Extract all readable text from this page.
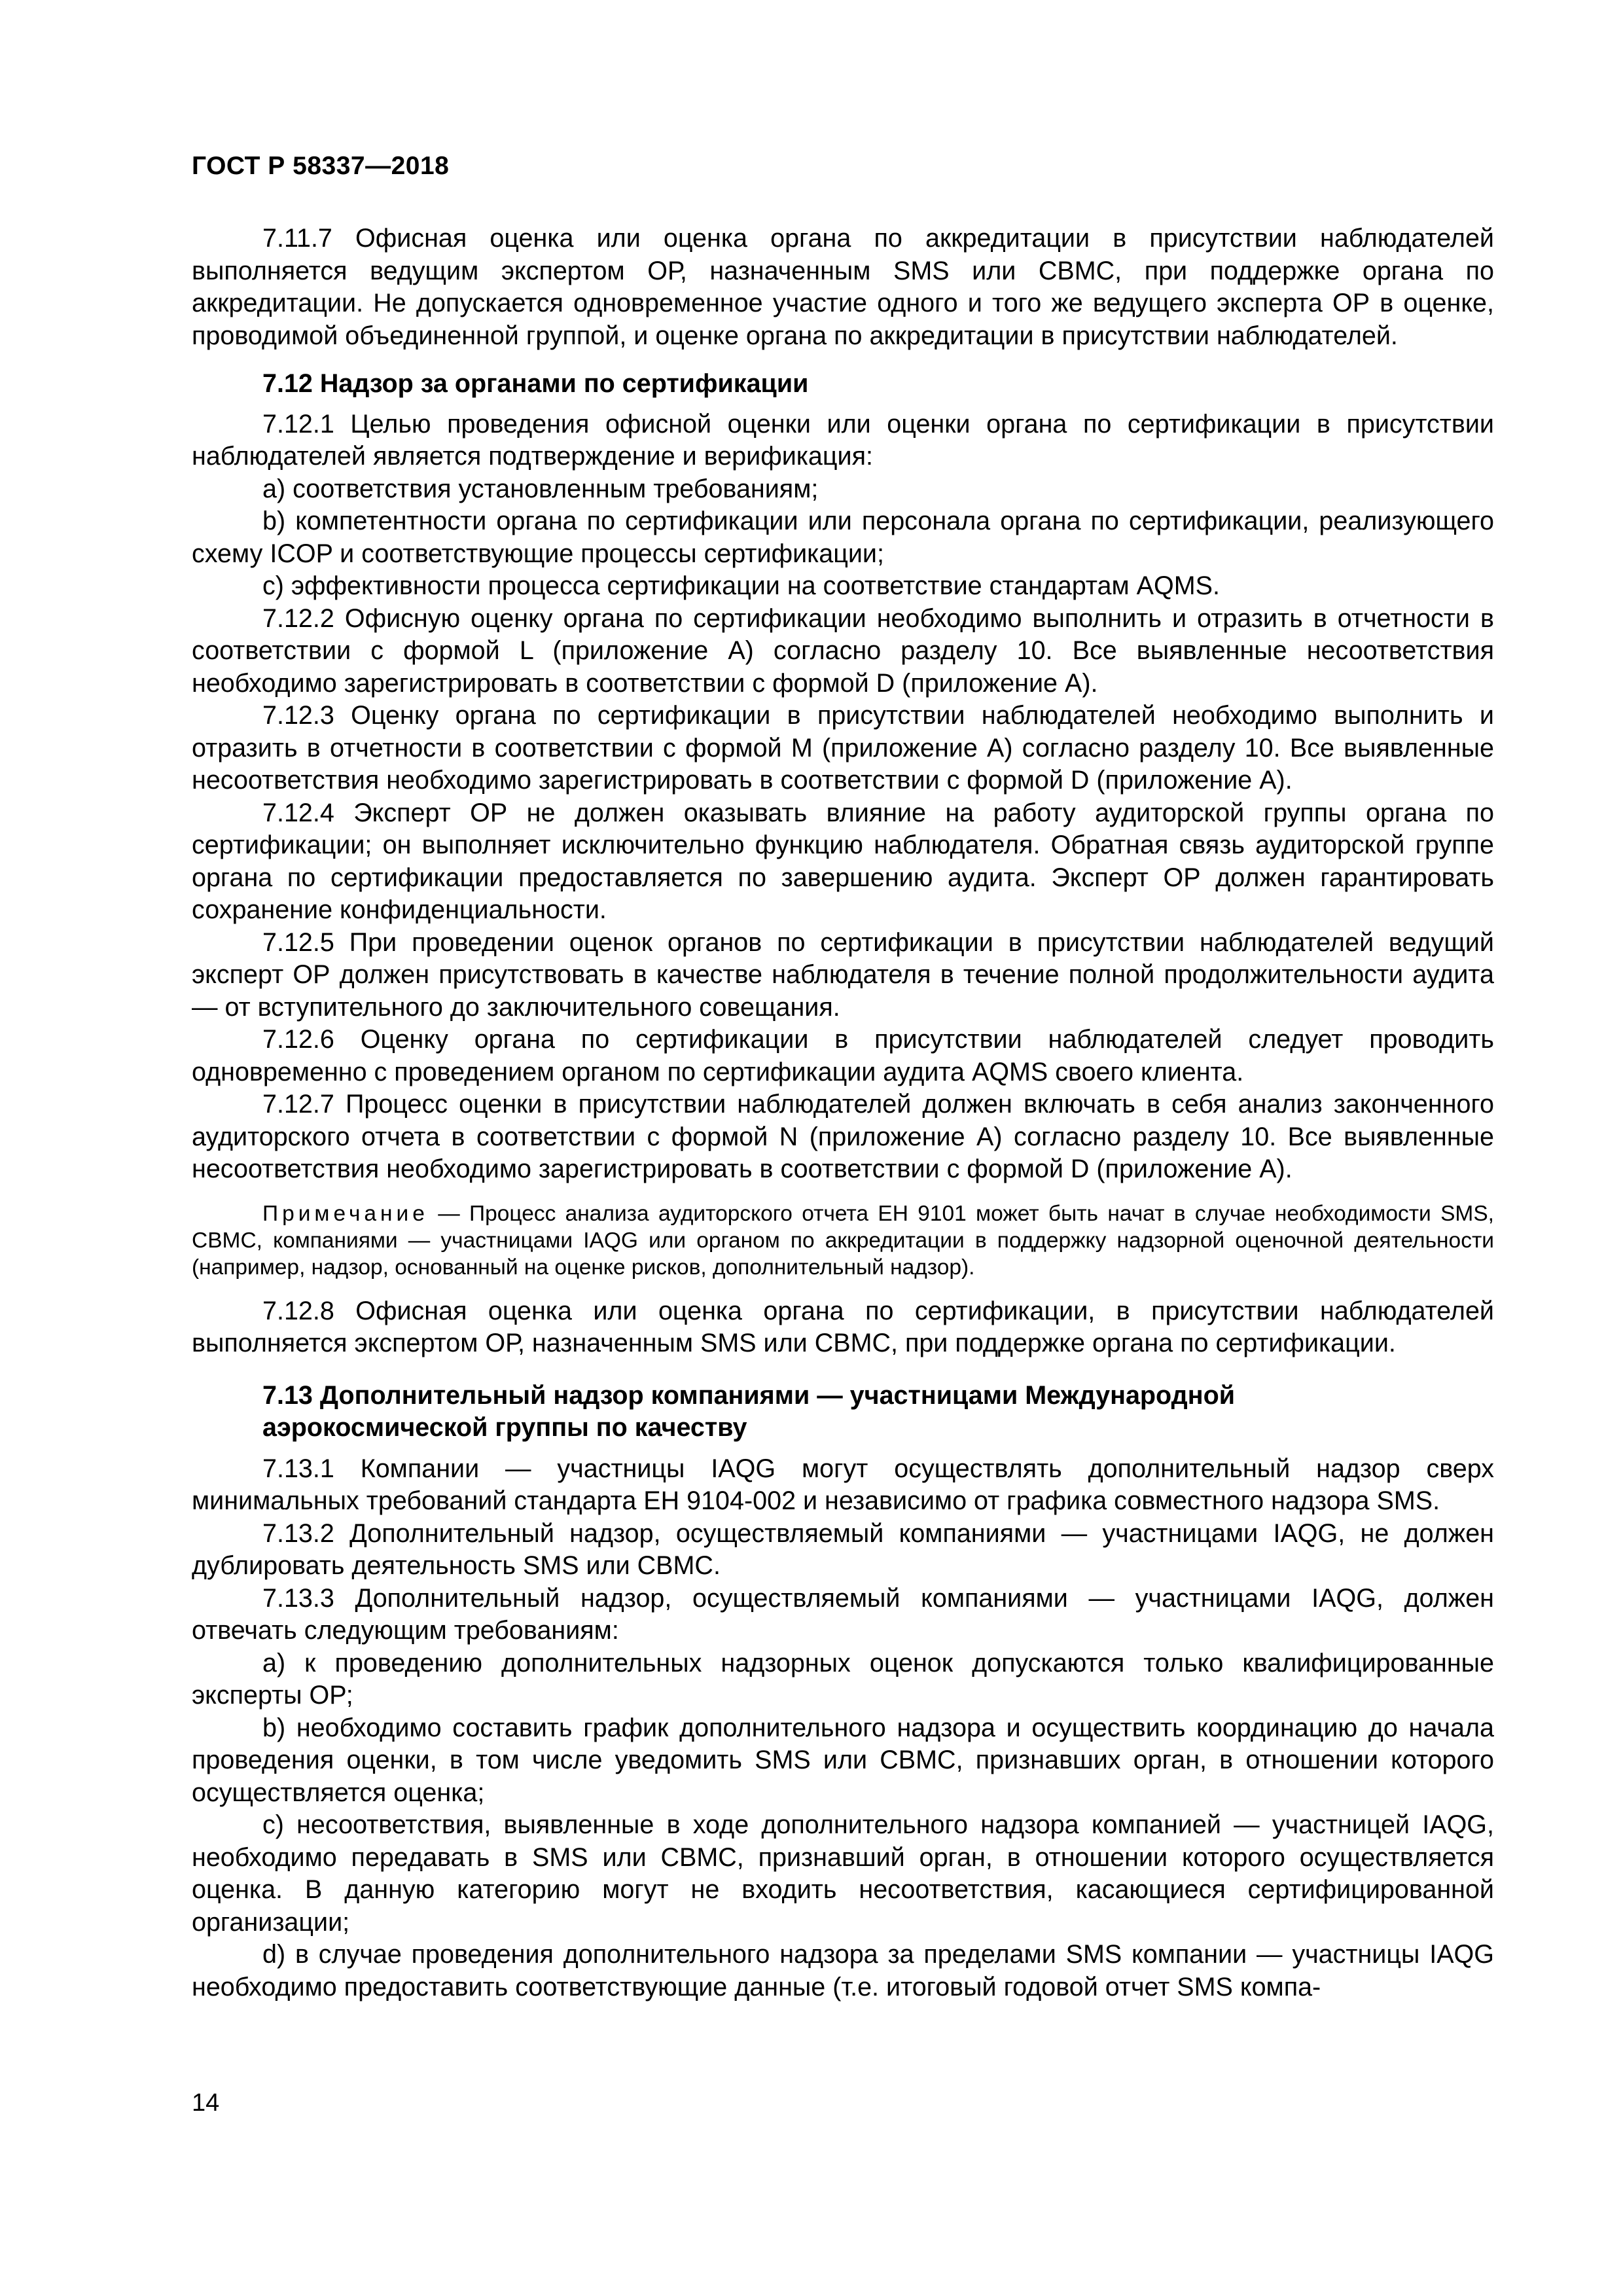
ГОСТ Р 58337—2018

7.11.7 Офисная оценка или оценка органа по аккредитации в присутствии наблюдателей выполняется ведущим экспертом ОР, назначенным SMS или СВМС, при поддержке органа по аккредитации. Не допускается одновременное участие одного и того же ведущего эксперта ОР в оценке, проводимой объединенной группой, и оценке органа по аккредитации в присутствии наблюдателей.

7.12 Надзор за органами по сертификации

7.12.1 Целью проведения офисной оценки или оценки органа по сертификации в присутствии наблюдателей является подтверждение и верификация:

a) соответствия установленным требованиям;

b) компетентности органа по сертификации или персонала органа по сертификации, реализующего схему ICOP и соответствующие процессы сертификации;

c) эффективности процесса сертификации на соответствие стандартам AQMS.

7.12.2 Офисную оценку органа по сертификации необходимо выполнить и отразить в отчетности в соответствии с формой L (приложение А) согласно разделу 10. Все выявленные несоответствия необходимо зарегистрировать в соответствии с формой D (приложение А).

7.12.3 Оценку органа по сертификации в присутствии наблюдателей необходимо выполнить и отразить в отчетности в соответствии с формой М (приложение А) согласно разделу 10. Все выявленные несоответствия необходимо зарегистрировать в соответствии с формой D (приложение А).

7.12.4 Эксперт ОР не должен оказывать влияние на работу аудиторской группы органа по сертификации; он выполняет исключительно функцию наблюдателя. Обратная связь аудиторской группе органа по сертификации предоставляется по завершению аудита. Эксперт ОР должен гарантировать сохранение конфиденциальности.

7.12.5 При проведении оценок органов по сертификации в присутствии наблюдателей ведущий эксперт ОР должен присутствовать в качестве наблюдателя в течение полной продолжительности аудита — от вступительного до заключительного совещания.

7.12.6 Оценку органа по сертификации в присутствии наблюдателей следует проводить одновременно с проведением органом по сертификации аудита AQMS своего клиента.

7.12.7 Процесс оценки в присутствии наблюдателей должен включать в себя анализ законченного аудиторского отчета в соответствии с формой N (приложение А) согласно разделу 10. Все выявленные несоответствия необходимо зарегистрировать в соответствии с формой D (приложение А).

Примечание — Процесс анализа аудиторского отчета ЕН 9101 может быть начат в случае необходимости SMS, СВМС, компаниями — участницами IAQG или органом по аккредитации в поддержку надзорной оценочной деятельности (например, надзор, основанный на оценке рисков, дополнительный надзор).

7.12.8 Офисная оценка или оценка органа по сертификации, в присутствии наблюдателей выполняется экспертом ОР, назначенным SMS или СВМС, при поддержке органа по сертификации.

7.13 Дополнительный надзор компаниями — участницами Международной
аэрокосмической группы по качеству

7.13.1 Компании — участницы IAQG могут осуществлять дополнительный надзор сверх минимальных требований стандарта ЕН 9104-002 и независимо от графика совместного надзора SMS.

7.13.2 Дополнительный надзор, осуществляемый компаниями — участницами IAQG, не должен дублировать деятельность SMS или СВМС.

7.13.3 Дополнительный надзор, осуществляемый компаниями — участницами IAQG, должен отвечать следующим требованиям:

a) к проведению дополнительных надзорных оценок допускаются только квалифицированные эксперты ОР;

b) необходимо составить график дополнительного надзора и осуществить координацию до начала проведения оценки, в том числе уведомить SMS или СВМС, признавших орган, в отношении которого осуществляется оценка;

c) несоответствия, выявленные в ходе дополнительного надзора компанией — участницей IAQG, необходимо передавать в SMS или СВМС, признавший орган, в отношении которого осуществляется оценка. В данную категорию могут не входить несоответствия, касающиеся сертифицированной организации;

d) в случае проведения дополнительного надзора за пределами SMS компании — участницы IAQG необходимо предоставить соответствующие данные (т.е. итоговый годовой отчет SMS компа-

14
